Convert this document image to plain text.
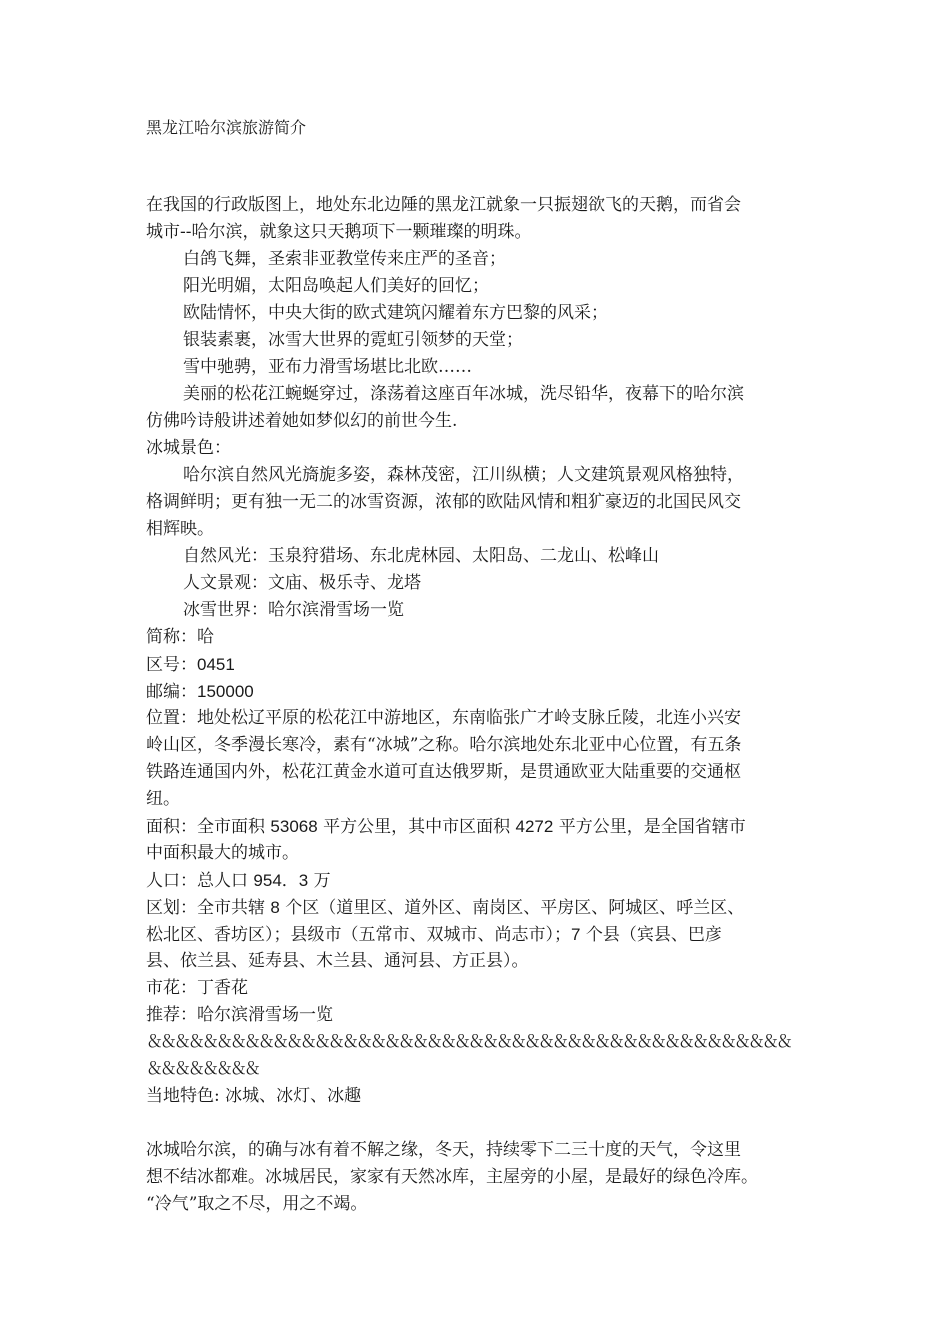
黑龙江哈尔滨旅游简介
在我国的行政版图上，地处东北边陲的黑龙江就象一只振翅欲飞的天鹅，而省会
城市--哈尔滨，就象这只天鹅项下一颗璀璨的明珠。
白鸽飞舞，圣索非亚教堂传来庄严的圣音；
阳光明媚，太阳岛唤起人们美好的回忆；
欧陆情怀，中央大街的欧式建筑闪耀着东方巴黎的风采；
银装素裹，冰雪大世界的霓虹引领梦的天堂；
雪中驰骋，亚布力滑雪场堪比北欧……
美丽的松花江蜿蜒穿过，涤荡着这座百年冰城，洗尽铅华，夜幕下的哈尔滨
仿佛吟诗般讲述着她如梦似幻的前世今生.
冰城景色：
哈尔滨自然风光旖旎多姿，森林茂密，江川纵横；人文建筑景观风格独特，
格调鲜明；更有独一无二的冰雪资源，浓郁的欧陆风情和粗犷豪迈的北国民风交
相辉映。
自然风光：玉泉狩猎场、东北虎林园、太阳岛、二龙山、松峰山
人文景观：文庙、极乐寺、龙塔
冰雪世界：哈尔滨滑雪场一览
简称：哈
区号：0451
邮编：150000
位置：地处松辽平原的松花江中游地区，东南临张广才岭支脉丘陵，北连小兴安
岭山区，冬季漫长寒冷，素有“冰城”之称。哈尔滨地处东北亚中心位置，有五条
铁路连通国内外，松花江黄金水道可直达俄罗斯，是贯通欧亚大陆重要的交通枢
纽。
面积：全市面积 53068 平方公里，其中市区面积 4272 平方公里，是全国省辖市
中面积最大的城市。
人口：总人口 954．3 万
区划：全市共辖 8 个区（道里区、道外区、南岗区、平房区、阿城区、呼兰区、
松北区、香坊区）；县级市（五常市、双城市、尚志市）；7 个县（宾县、巴彦
县、依兰县、延寿县、木兰县、通河县、方正县）。
市花：丁香花
推荐：哈尔滨滑雪场一览
＆＆＆＆＆＆＆＆＆＆＆＆＆＆＆＆＆＆＆＆＆＆＆＆＆＆＆＆＆＆＆＆＆＆＆＆＆＆＆＆＆＆＆＆＆＆
＆＆＆＆＆＆＆＆
当地特色: 冰城、冰灯、冰趣
冰城哈尔滨，的确与冰有着不解之缘，冬天，持续零下二三十度的天气，令这里
想不结冰都难。冰城居民，家家有天然冰库，主屋旁的小屋，是最好的绿色冷库。
“冷气”取之不尽，用之不竭。
